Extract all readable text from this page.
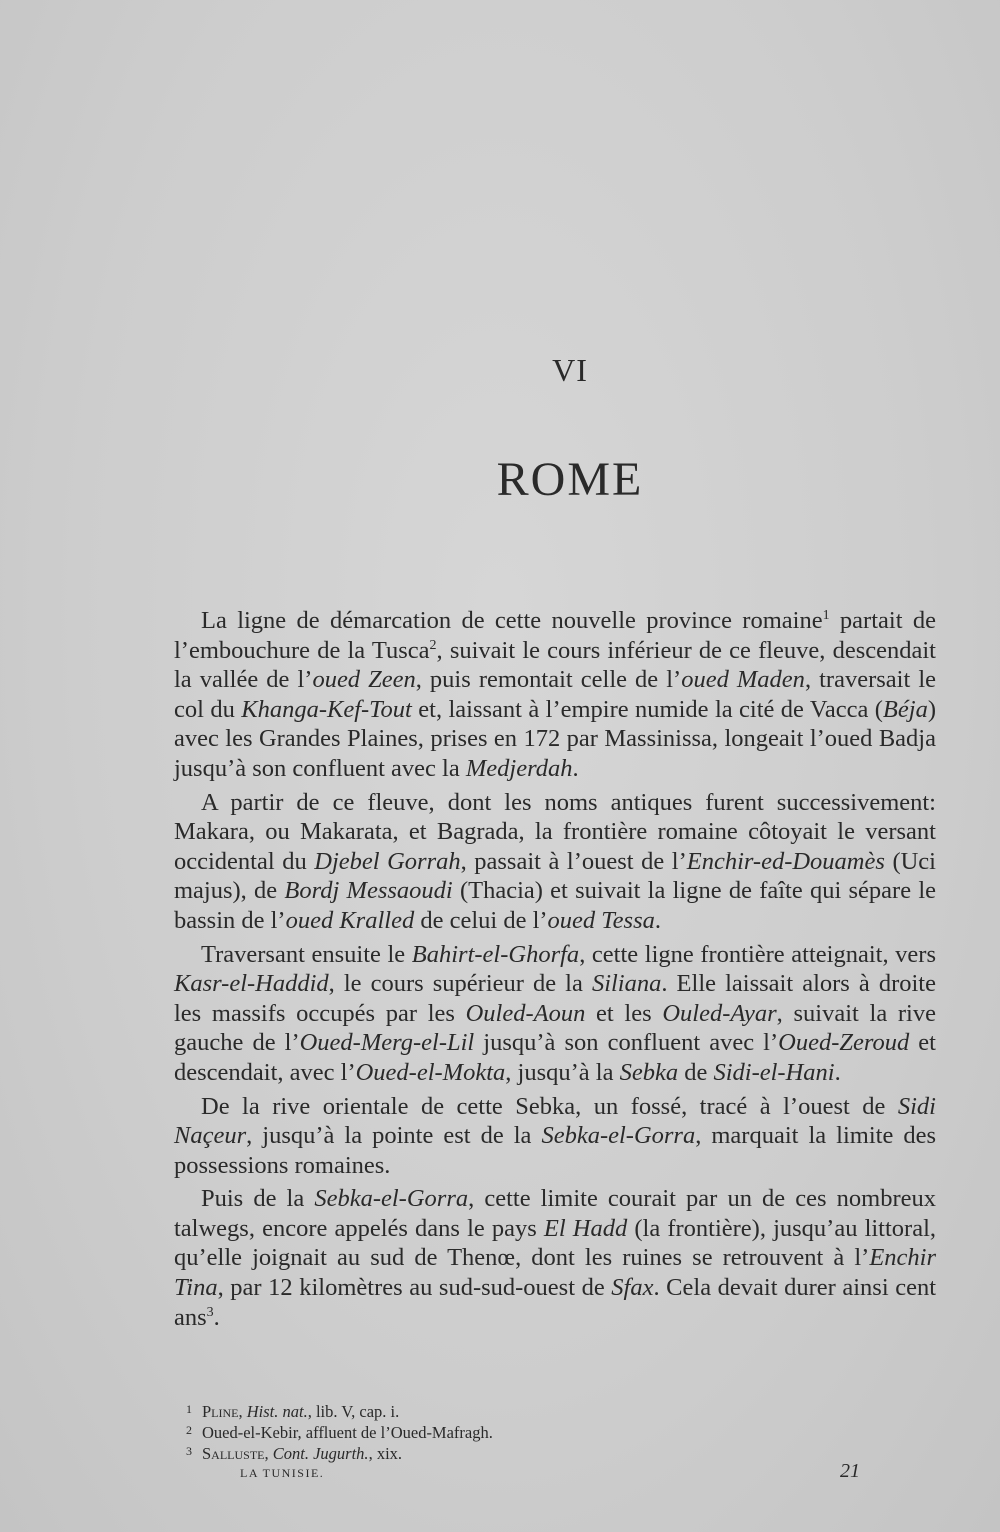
VI
ROME

La ligne de démarcation de cette nouvelle province romaine$^1$ partait de l’embouchure de la Tusca$^2$, suivait le cours inférieur de ce fleuve, descendait la vallée de l’oued Zeen, puis remontait celle de l’oued Maden, traversait le col du Khanga-Kef-Tout et, laissant à l’empire numide la cité de Vacca (Béja) avec les Grandes Plaines, prises en 172 par Massinissa, longeait l’oued Badja jusqu’à son confluent avec la Medjerdah.

A partir de ce fleuve, dont les noms antiques furent successivement: Makara, ou Makarata, et Bagrada, la frontière romaine côtoyait le versant occidental du Djebel Gorrah, passait à l’ouest de l’Enchir-ed-Douamès (Uci majus), de Bordj Messaoudi (Thacia) et suivait la ligne de faîte qui sépare le bassin de l’oued Kralled de celui de l’oued Tessa.

Traversant ensuite le Bahirt-el-Ghorfa, cette ligne frontière atteignait, vers Kasr-el-Haddid, le cours supérieur de la Siliana. Elle laissait alors à droite les massifs occupés par les Ouled-Aoun et les Ouled-Ayar, suivait la rive gauche de l’Oued-Merg-el-Lil jusqu’à son confluent avec l’Oued-Zeroud et descendait, avec l’Oued-el-Mokta, jusqu’à la Sebka de Sidi-el-Hani.

De la rive orientale de cette Sebka, un fossé, tracé à l’ouest de Sidi Naçeur, jusqu’à la pointe est de la Sebka-el-Gorra, marquait la limite des possessions romaines.

Puis de la Sebka-el-Gorra, cette limite courait par un de ces nombreux talwegs, encore appelés dans le pays El Hadd (la frontière), jusqu’au littoral, qu’elle joignait au sud de Thenœ, dont les ruines se retrouvent à l’Enchir Tina, par 12 kilomètres au sud-sud-ouest de Sfax. Cela devait durer ainsi cent ans$^3$.

1 Pline, Hist. nat., lib. V, cap. i.

2 Oued-el-Kebir, affluent de l’Oued-Mafragh.

3 Salluste, Cont. Jugurth., xix.

LA TUNISIE.	21
